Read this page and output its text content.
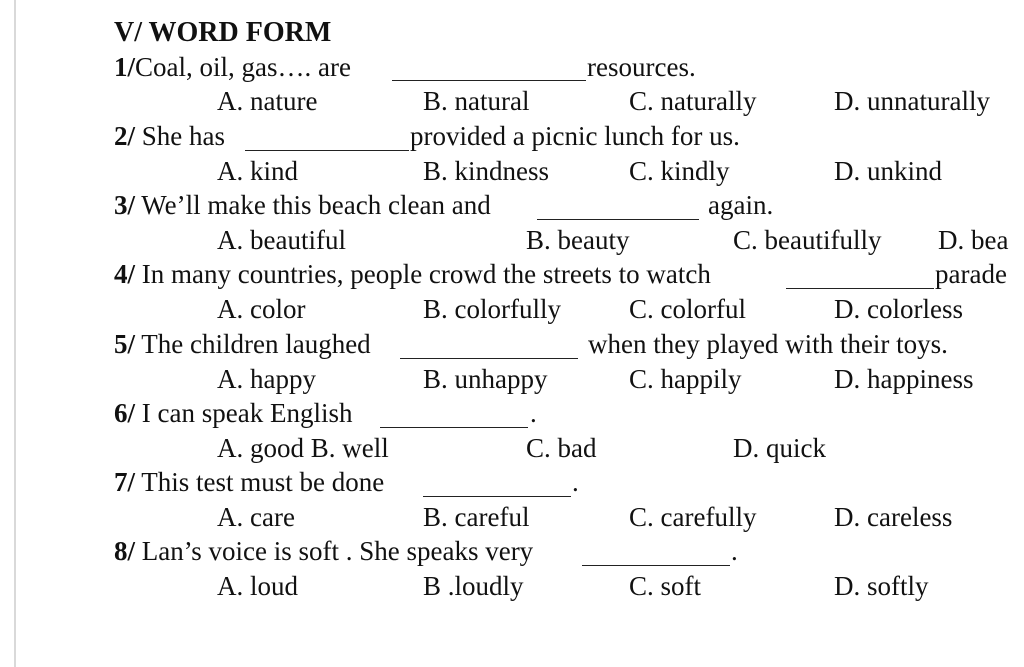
V/ WORD FORM
1/Coal, oil, gas…. are	resources.
A. nature	B. natural	C. naturally	D. unnaturally
2/ She has	provided a picnic lunch for us.
A. kind	B. kindness	C. kindly	D. unkind
3/ We’ll make this beach clean and	again.
A. beautiful	B. beauty	C. beautifully D. bea
4/ In many countries, people crowd the streets to watch	parade
A. color	B. colorfully	C. colorful	D. colorless
5/ The children laughed	when they played with their toys.
A. happy	B. unhappy	C. happily	D. happiness
6/ I can speak English	.
A. good B. well	C. bad	D. quick
7/ This test must be done	.
A. care	B. careful	C. carefully	D. careless
8/ Lan’s voice is soft . She speaks very	.
A. loud	B .loudly	C. soft	D. softly
